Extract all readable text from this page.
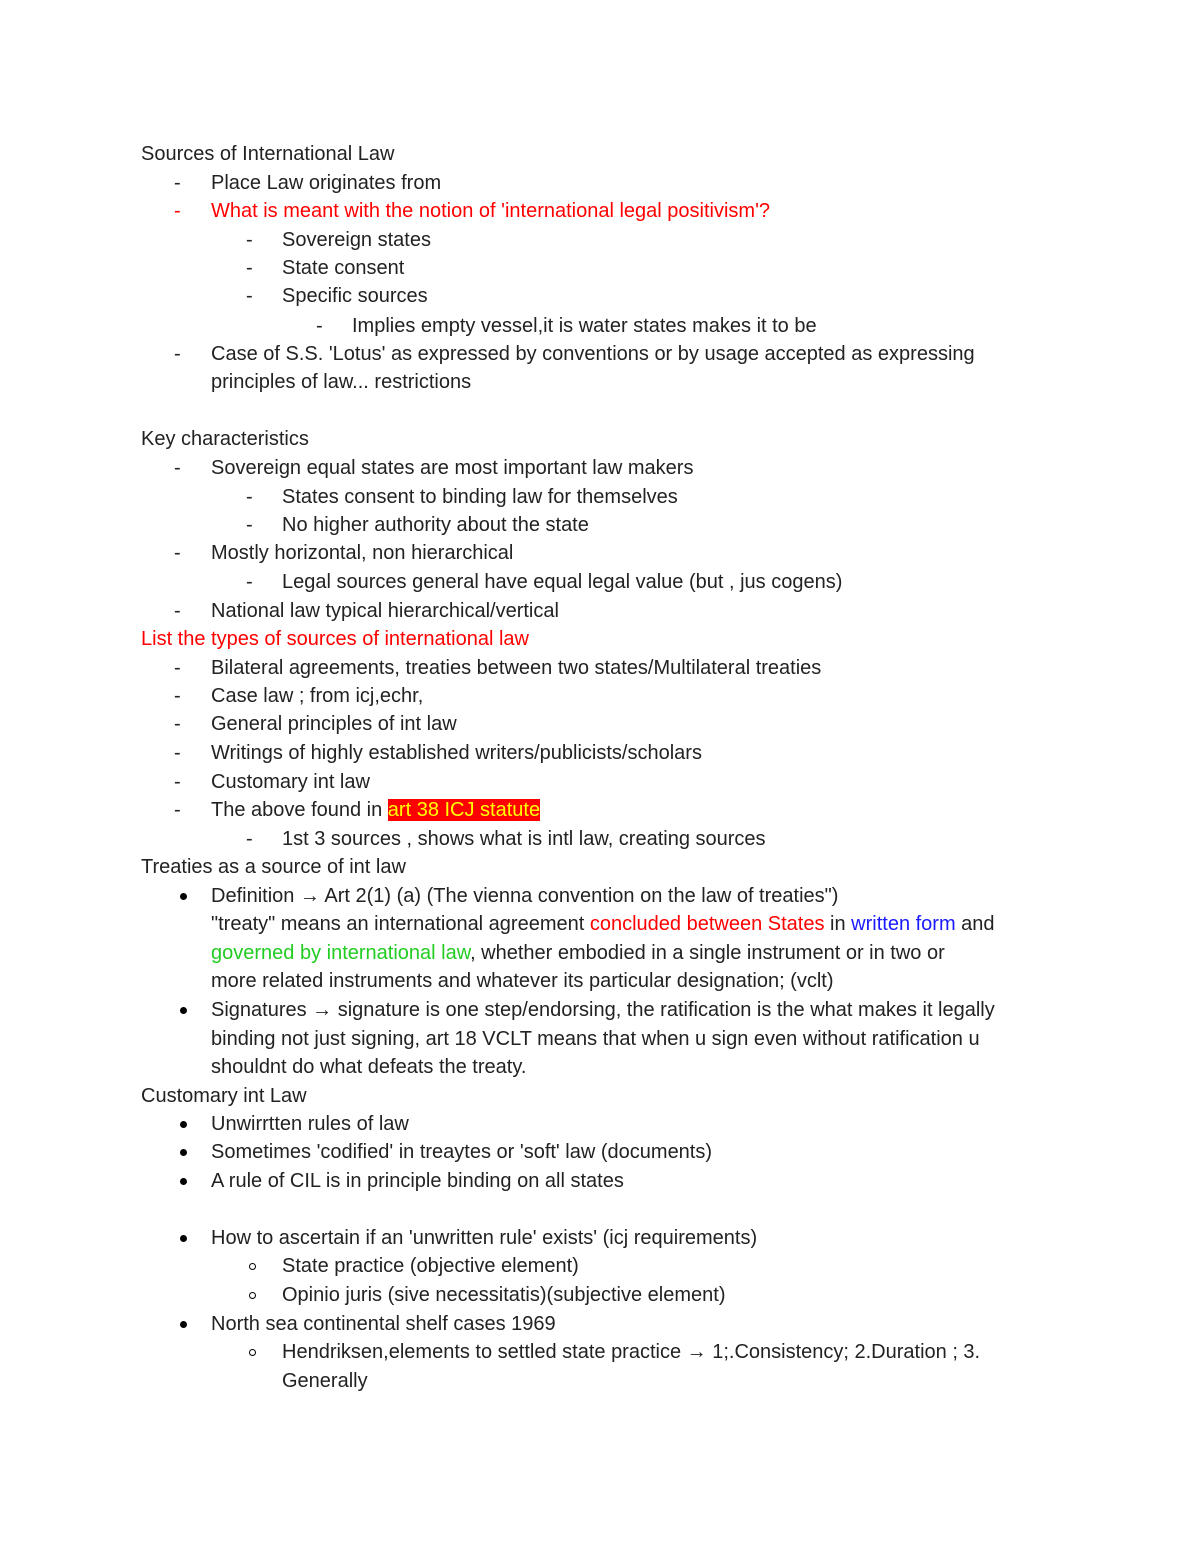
Sources of International Law
- Place Law originates from
- What is meant with the notion of 'international legal positivism'?
- Sovereign states
- State consent
- Specific sources
- Implies empty vessel,it is water states makes it to be
- Case of S.S. 'Lotus' as expressed by conventions or by usage accepted as expressing
principles of law... restrictions
Key characteristics
- Sovereign equal states are most important law makers
- States consent to binding law for themselves
- No higher authority about the state
- Mostly horizontal, non hierarchical
- Legal sources general have equal legal value (but , jus cogens)
- National law typical hierarchical/vertical
List the types of sources of international law
- Bilateral agreements, treaties between two states/Multilateral treaties
- Case law ; from icj,echr,
- General principles of int law
- Writings of highly established writers/publicists/scholars
- Customary int law
- The above found in art 38 ICJ statute
- 1st 3 sources , shows what is intl law, creating sources
Treaties as a source of int law
Definition → Art 2(1) (a) (The vienna convention on the law of treaties")
"treaty" means an international agreement concluded between States in written form and
governed by international law, whether embodied in a single instrument or in two or
more related instruments and whatever its particular designation; (vclt)
Signatures → signature is one step/endorsing, the ratification is the what makes it legally
binding not just signing, art 18 VCLT means that when u sign even without ratification u
shouldnt do what defeats the treaty.
Customary int Law
Unwirrtten rules of law
Sometimes 'codified' in treaytes or 'soft' law (documents)
A rule of CIL is in principle binding on all states
How to ascertain if an 'unwritten rule' exists' (icj requirements)
State practice (objective element)
Opinio juris (sive necessitatis)(subjective element)
North sea continental shelf cases 1969
Hendriksen,elements to settled state practice → 1;.Consistency; 2.Duration ; 3.
Generally
